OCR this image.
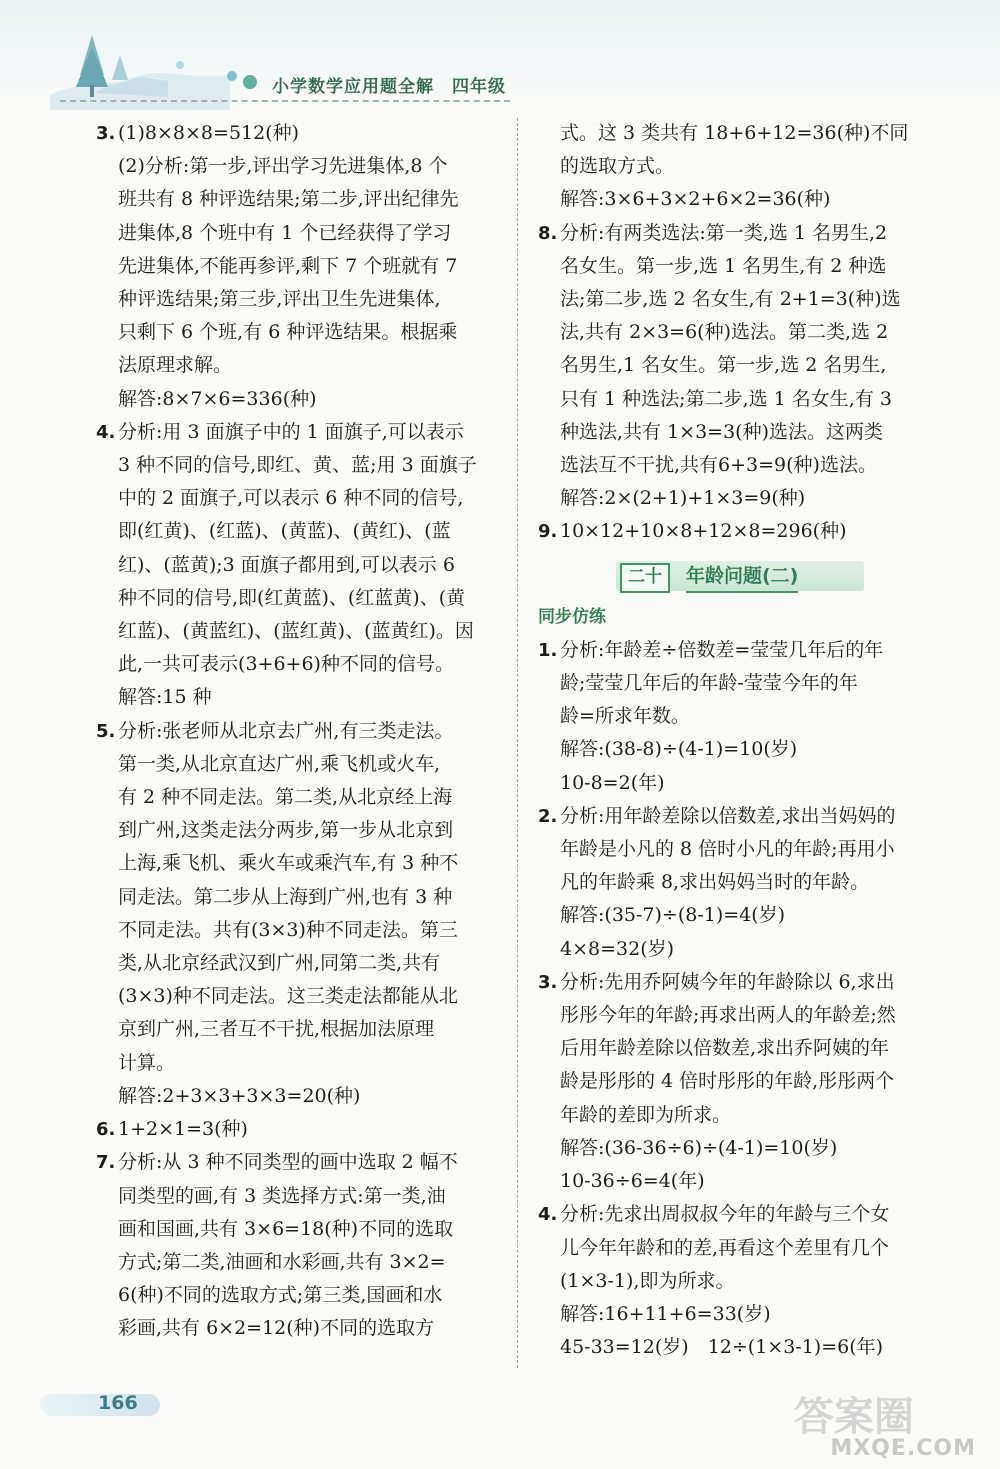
小学数学应用题全解 四年级
3. (1)8×8×8=512(种)
(2)分析:第一步,评出学习先进集体,8 个
班共有 8 种评选结果;第二步,评出纪律先
进集体,8 个班中有 1 个已经获得了学习
先进集体,不能再参评,剩下 7 个班就有 7
种评选结果;第三步,评出卫生先进集体,
只剩下 6 个班,有 6 种评选结果。根据乘
法原理求解。
解答:8×7×6=336(种)
4. 分析:用 3 面旗子中的 1 面旗子,可以表示
3 种不同的信号,即红、黄、蓝;用 3 面旗子
中的 2 面旗子,可以表示 6 种不同的信号,
即(红黄)、(红蓝)、(黄蓝)、(黄红)、(蓝
红)、(蓝黄);3 面旗子都用到,可以表示 6
种不同的信号,即(红黄蓝)、(红蓝黄)、(黄
红蓝)、(黄蓝红)、(蓝红黄)、(蓝黄红)。因
此,一共可表示(3+6+6)种不同的信号。
解答:15 种
5. 分析:张老师从北京去广州,有三类走法。
第一类,从北京直达广州,乘飞机或火车,
有 2 种不同走法。第二类,从北京经上海
到广州,这类走法分两步,第一步从北京到
上海,乘飞机、乘火车或乘汽车,有 3 种不
同走法。第二步从上海到广州,也有 3 种
不同走法。共有(3×3)种不同走法。第三
类,从北京经武汉到广州,同第二类,共有
(3×3)种不同走法。这三类走法都能从北
京到广州,三者互不干扰,根据加法原理
计算。
解答:2+3×3+3×3=20(种)
6. 1+2×1=3(种)
7. 分析:从 3 种不同类型的画中选取 2 幅不
同类型的画,有 3 类选择方式:第一类,油
画和国画,共有 3×6=18(种)不同的选取
方式;第二类,油画和水彩画,共有 3×2=
6(种)不同的选取方式;第三类,国画和水
彩画,共有 6×2=12(种)不同的选取方
式。这 3 类共有 18+6+12=36(种)不同
的选取方式。
解答:3×6+3×2+6×2=36(种)
8. 分析:有两类选法:第一类,选 1 名男生,2
名女生。第一步,选 1 名男生,有 2 种选
法;第二步,选 2 名女生,有 2+1=3(种)选
法,共有 2×3=6(种)选法。第二类,选 2
名男生,1 名女生。第一步,选 2 名男生,
只有 1 种选法;第二步,选 1 名女生,有 3
种选法,共有 1×3=3(种)选法。这两类
选法互不干扰,共有6+3=9(种)选法。
解答:2×(2+1)+1×3=9(种)
9. 10×12+10×8+12×8=296(种)
二十	年龄问题(二)
同步仿练
1. 分析:年龄差÷倍数差=莹莹几年后的年
龄;莹莹几年后的年龄-莹莹今年的年
龄=所求年数。
解答:(38-8)÷(4-1)=10(岁)
10-8=2(年)
2. 分析:用年龄差除以倍数差,求出当妈妈的
年龄是小凡的 8 倍时小凡的年龄;再用小
凡的年龄乘 8,求出妈妈当时的年龄。
解答:(35-7)÷(8-1)=4(岁)
4×8=32(岁)
3. 分析:先用乔阿姨今年的年龄除以 6,求出
彤彤今年的年龄;再求出两人的年龄差;然
后用年龄差除以倍数差,求出乔阿姨的年
龄是彤彤的 4 倍时彤彤的年龄,彤彤两个
年龄的差即为所求。
解答:(36-36÷6)÷(4-1)=10(岁)
10-36÷6=4(年)
4. 分析:先求出周叔叔今年的年龄与三个女
儿今年年龄和的差,再看这个差里有几个
(1×3-1),即为所求。
解答:16+11+6=33(岁)
45-33=12(岁)　12÷(1×3-1)=6(年)
166	答案圈
MXQE.COM
